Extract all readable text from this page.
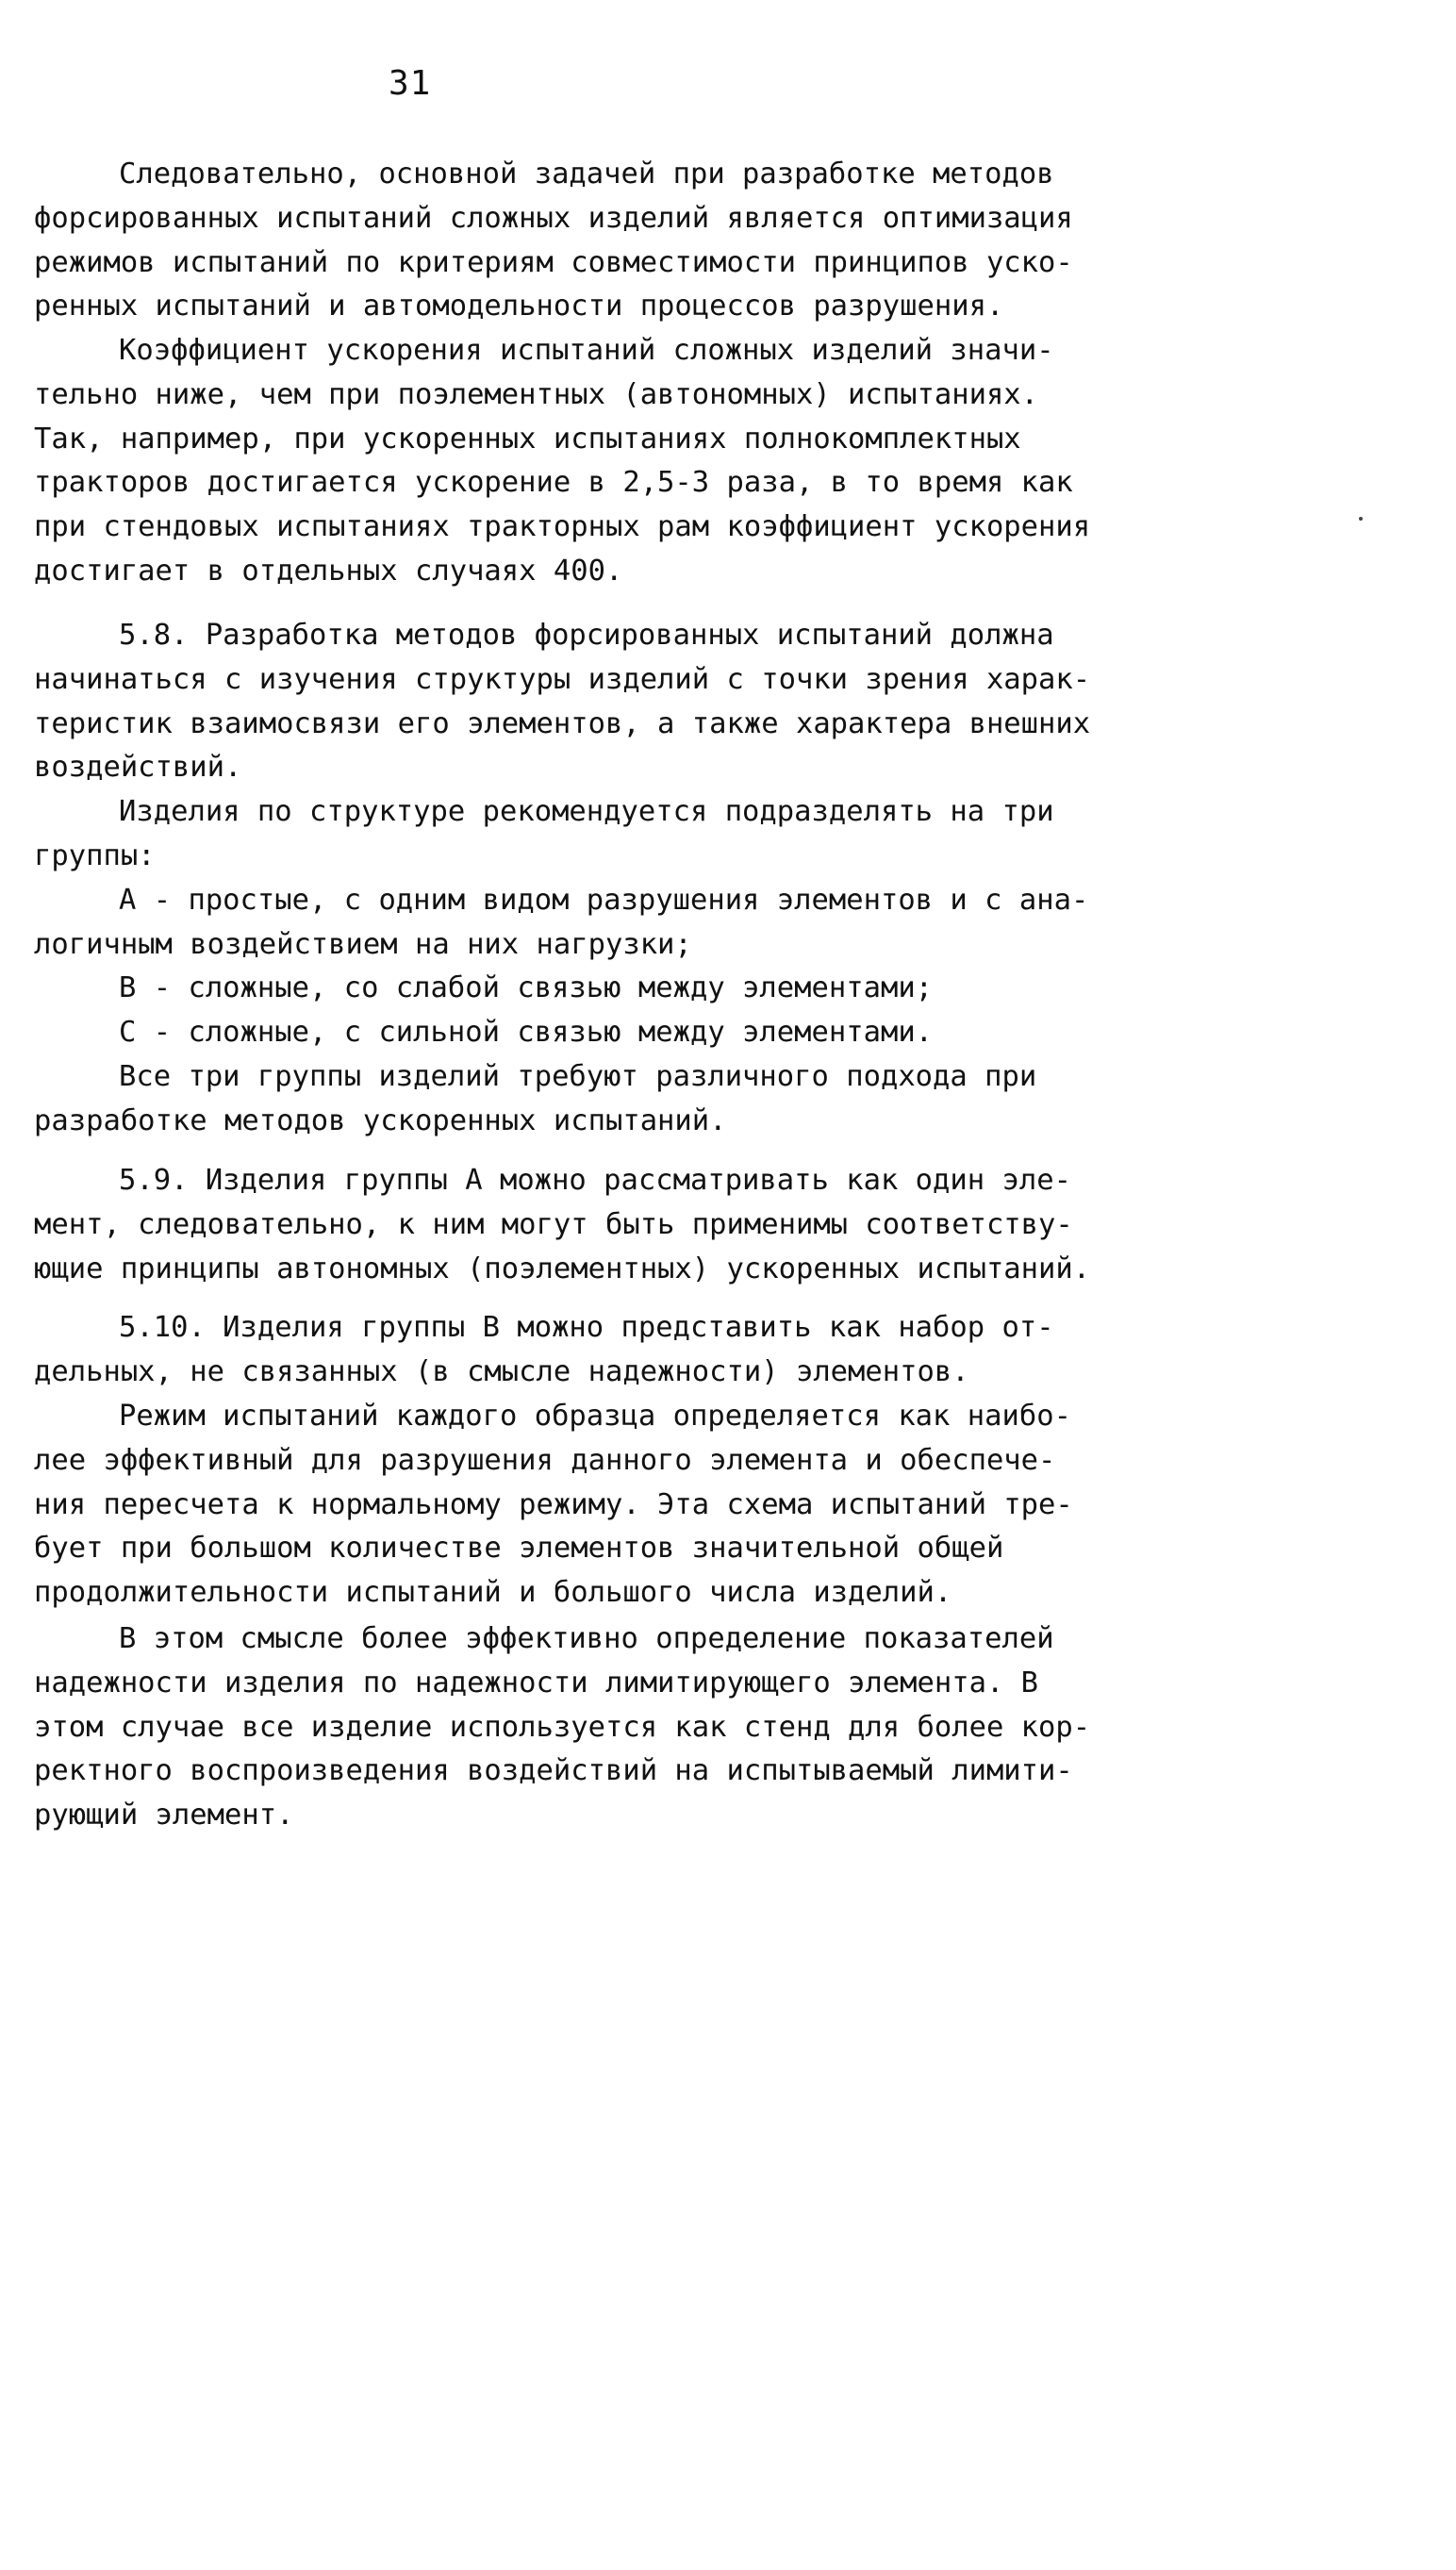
31
Следовательно, основной задачей при разработке методов
форсированных испытаний сложных изделий является оптимизация
режимов испытаний по критериям совместимости принципов уско-
ренных испытаний и автомодельности процессов разрушения.
Коэффициент ускорения испытаний сложных изделий значи-
тельно ниже, чем при поэлементных (автономных) испытаниях.
Так, например, при ускоренных испытаниях полнокомплектных
тракторов достигается ускорение в 2,5-3 раза, в то время как
при стендовых испытаниях тракторных рам коэффициент ускорения
достигает в отдельных случаях 400.
5.8. Разработка методов форсированных испытаний должна
начинаться с изучения структуры изделий с точки зрения харак-
теристик взаимосвязи его элементов, а также характера внешних
воздействий.
Изделия по структуре рекомендуется подразделять на три
группы:
А - простые, с одним видом разрушения элементов и с ана-
логичным воздействием на них нагрузки;
В - сложные, со слабой связью между элементами;
С - сложные, с сильной связью между элементами.
Все три группы изделий требуют различного подхода при
разработке методов ускоренных испытаний.
5.9. Изделия группы А можно рассматривать как один эле-
мент, следовательно, к ним могут быть применимы соответству-
ющие принципы автономных (поэлементных) ускоренных испытаний.
5.10. Изделия группы В можно представить как набор от-
дельных, не связанных (в смысле надежности) элементов.
Режим испытаний каждого образца определяется как наибо-
лее эффективный для разрушения данного элемента и обеспече-
ния пересчета к нормальному режиму. Эта схема испытаний тре-
бует при большом количестве элементов значительной общей
продолжительности испытаний и большого числа изделий.
В этом смысле более эффективно определение показателей
надежности изделия по надежности лимитирующего элемента. В
этом случае все изделие используется как стенд для более кор-
ректного воспроизведения воздействий на испытываемый лимити-
рующий элемент.
